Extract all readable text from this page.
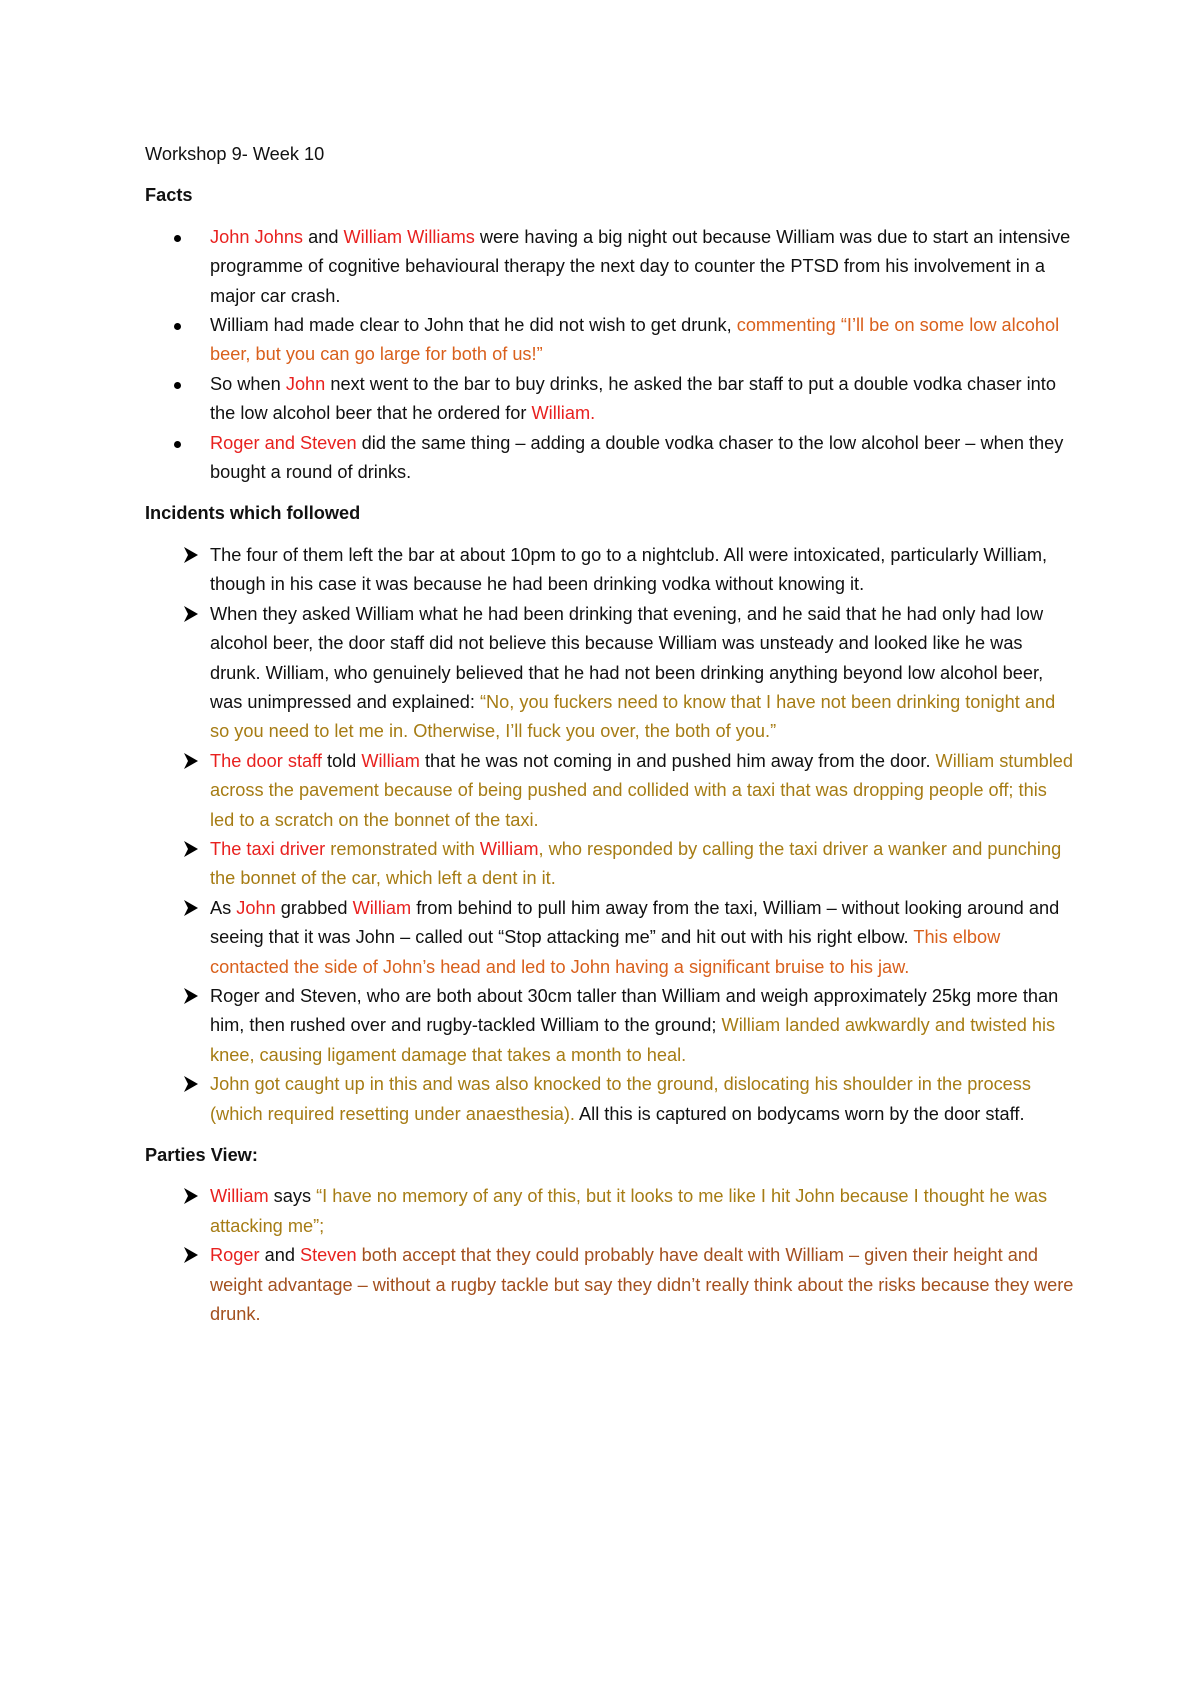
Workshop 9- Week 10

Facts

John Johns and William Williams were having a big night out because William was due to start an intensive programme of cognitive behavioural therapy the next day to counter the PTSD from his involvement in a major car crash.
William had made clear to John that he did not wish to get drunk, commenting “I’ll be on some low alcohol beer, but you can go large for both of us!”
So when John next went to the bar to buy drinks, he asked the bar staff to put a double vodka chaser into the low alcohol beer that he ordered for William.
Roger and Steven did the same thing – adding a double vodka chaser to the low alcohol beer – when they bought a round of drinks.

Incidents which followed

The four of them left the bar at about 10pm to go to a nightclub. All were intoxicated, particularly William, though in his case it was because he had been drinking vodka without knowing it.
When they asked William what he had been drinking that evening, and he said that he had only had low alcohol beer, the door staff did not believe this because William was unsteady and looked like he was drunk. William, who genuinely believed that he had not been drinking anything beyond low alcohol beer, was unimpressed and explained: “No, you fuckers need to know that I have not been drinking tonight and so you need to let me in. Otherwise, I’ll fuck you over, the both of you.”
The door staff told William that he was not coming in and pushed him away from the door. William stumbled across the pavement because of being pushed and collided with a taxi that was dropping people off; this led to a scratch on the bonnet of the taxi.
The taxi driver remonstrated with William, who responded by calling the taxi driver a wanker and punching the bonnet of the car, which left a dent in it.
As John grabbed William from behind to pull him away from the taxi, William – without looking around and seeing that it was John – called out “Stop attacking me” and hit out with his right elbow. This elbow contacted the side of John’s head and led to John having a significant bruise to his jaw.
Roger and Steven, who are both about 30cm taller than William and weigh approximately 25kg more than him, then rushed over and rugby-tackled William to the ground; William landed awkwardly and twisted his knee, causing ligament damage that takes a month to heal.
John got caught up in this and was also knocked to the ground, dislocating his shoulder in the process (which required resetting under anaesthesia). All this is captured on bodycams worn by the door staff.

Parties View:

William says “I have no memory of any of this, but it looks to me like I hit John because I thought he was attacking me”;
Roger and Steven both accept that they could probably have dealt with William – given their height and weight advantage – without a rugby tackle but say they didn’t really think about the risks because they were drunk.
